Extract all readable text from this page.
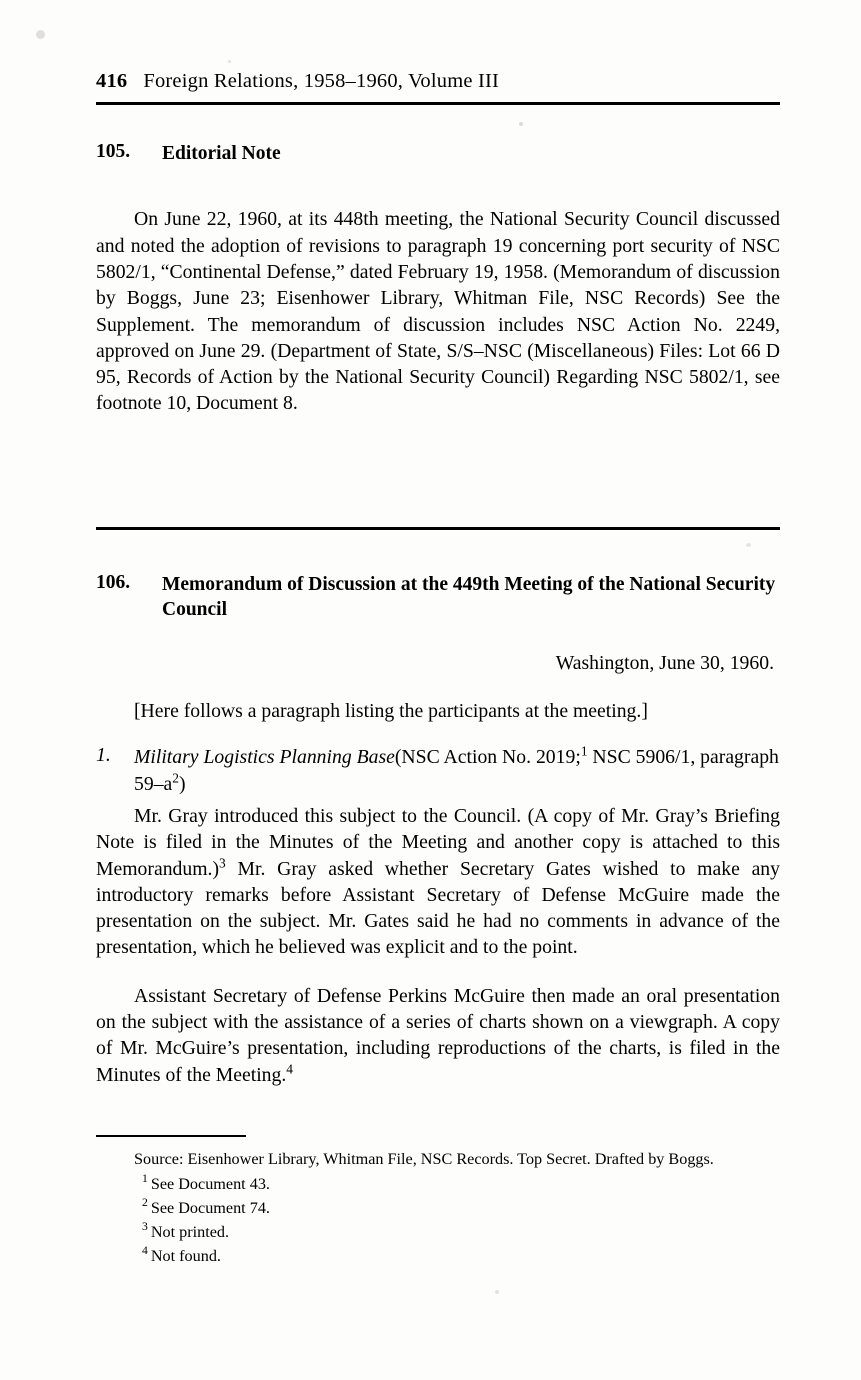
416 Foreign Relations, 1958–1960, Volume III
105.	Editorial Note

On June 22, 1960, at its 448th meeting, the National Security Council discussed and noted the adoption of revisions to paragraph 19 concerning port security of NSC 5802/1, “Continental Defense,” dated February 19, 1958. (Memorandum of discussion by Boggs, June 23; Eisenhower Library, Whitman File, NSC Records) See the Supplement. The memorandum of discussion includes NSC Action No. 2249, approved on June 29. (Department of State, S/S–NSC (Miscellaneous) Files: Lot 66 D 95, Records of Action by the National Security Council) Regarding NSC 5802/1, see footnote 10, Document 8.

106.	Memorandum of Discussion at the 449th Meeting of the National Security Council
Washington, June 30, 1960.
[Here follows a paragraph listing the participants at the meeting.]
1.	Military Logistics Planning Base(NSC Action No. 2019;$^1$ NSC 5906/1, paragraph $59-a^2$)

Mr. Gray introduced this subject to the Council. (A copy of Mr. Gray’s Briefing Note is filed in the Minutes of the Meeting and another copy is attached to this Memorandum.)$^3$ Mr. Gray asked whether Secretary Gates wished to make any introductory remarks before Assistant Secretary of Defense McGuire made the presentation on the subject. Mr. Gates said he had no comments in advance of the presentation, which he believed was explicit and to the point.

Assistant Secretary of Defense Perkins McGuire then made an oral presentation on the subject with the assistance of a series of charts shown on a viewgraph. A copy of Mr. McGuire’s presentation, including reproductions of the charts, is filed in the Minutes of the Meeting.$^4$

Source: Eisenhower Library, Whitman File, NSC Records. Top Secret. Drafted by Boggs.
$^1$ See Document 43.
$^2$ See Document 74.
$^3$ Not printed.
$^4$ Not found.
